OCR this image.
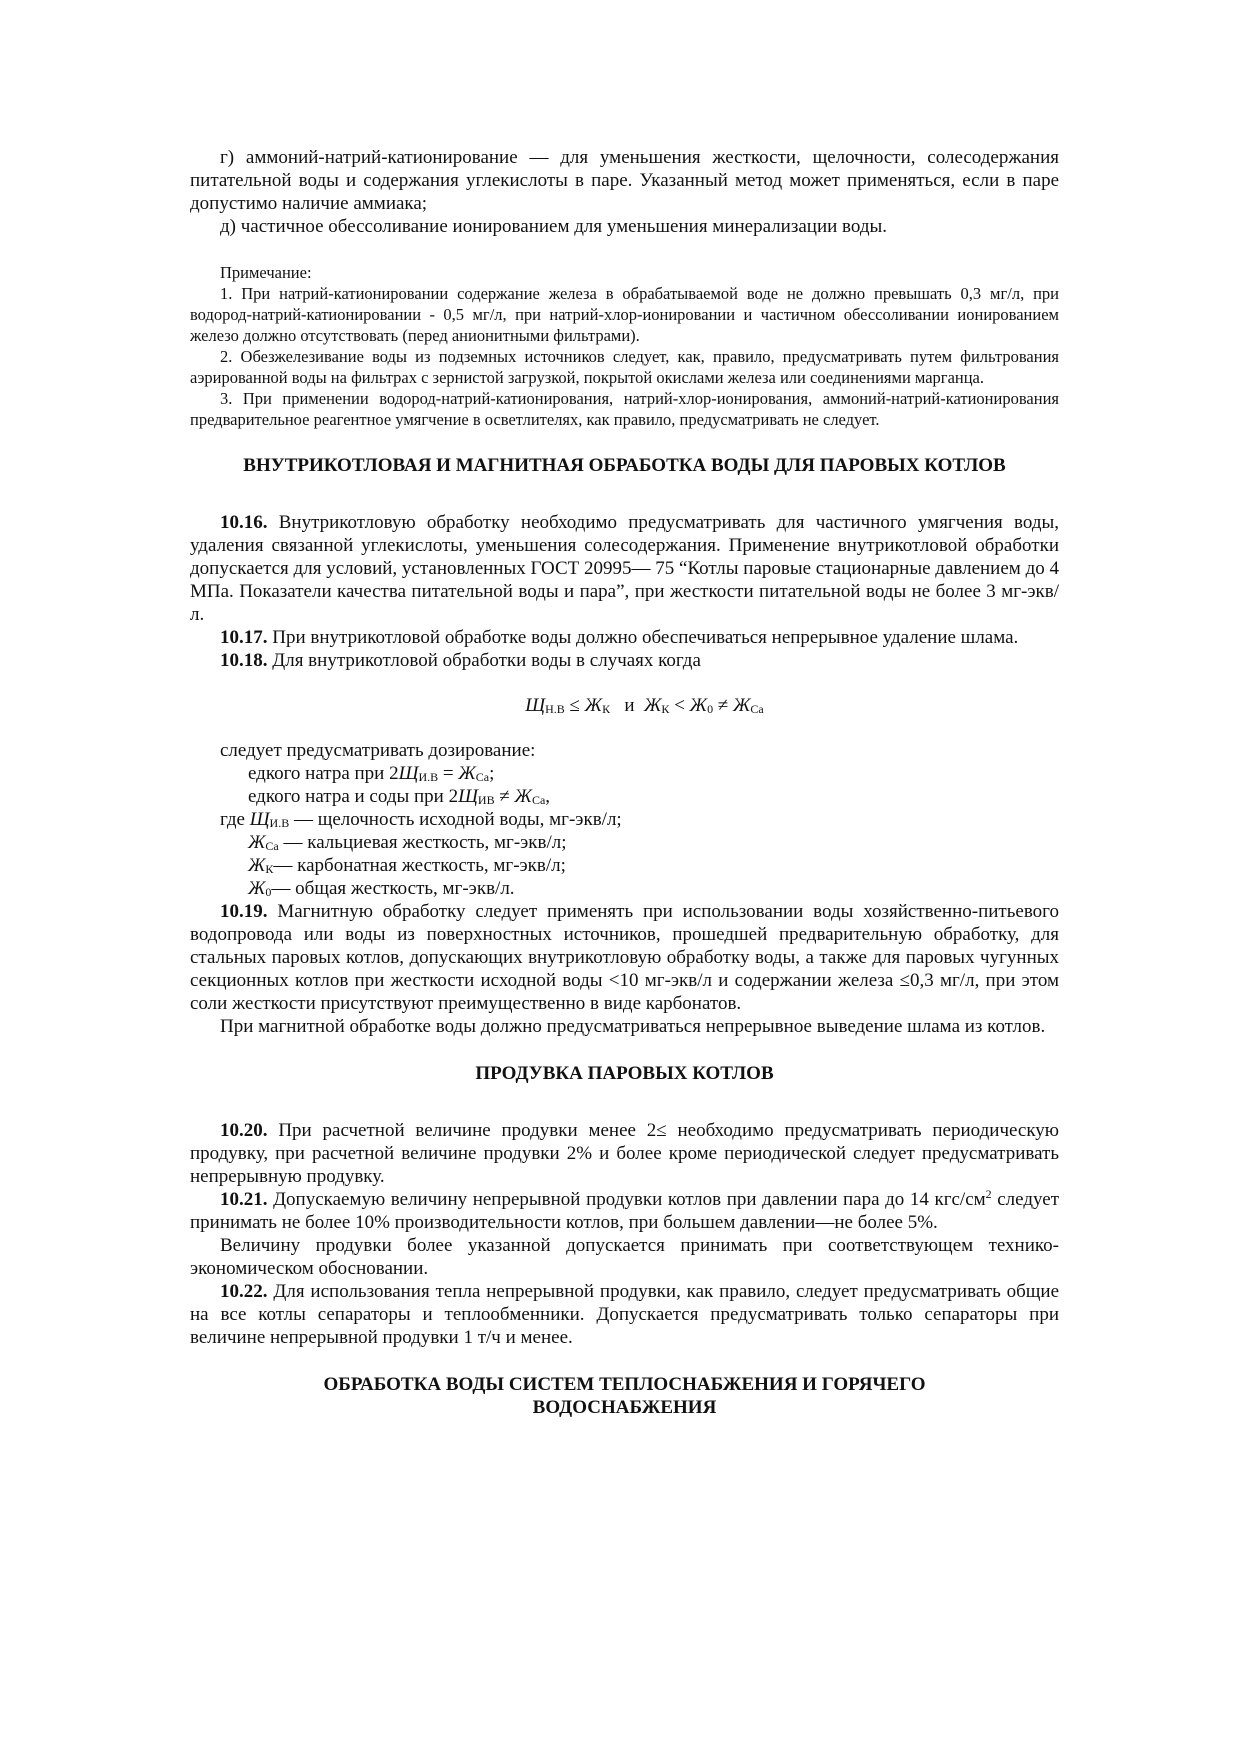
г) аммоний-натрий-катионирование — для уменьшения жесткости, щелочности, солесодержания питательной воды и содержания углекислоты в паре. Указанный метод может применяться, если в паре допустимо наличие аммиака;

д) частичное обессоливание ионированием для уменьшения минерализации воды.

Примечание:

1. При натрий-катионировании содержание железа в обрабатываемой воде не должно превышать 0,3 мг/л, при водород-натрий-катионировании - 0,5 мг/л, при натрий-хлор-ионировании и частичном обессоливании ионированием железо должно отсутствовать (перед анионитными фильтрами).

2. Обезжелезивание воды из подземных источников следует, как, правило, предусматривать путем фильтрования аэрированной воды на фильтрах с зернистой загрузкой, покрытой окислами железа или соединениями марганца.

3. При применении водород-натрий-катионирования, натрий-хлор-ионирования, аммоний-натрий-катионирования предварительное реагентное умягчение в осветлителях, как правило, предусматривать не следует.

ВНУТРИКОТЛОВАЯ И МАГНИТНАЯ ОБРАБОТКА ВОДЫ ДЛЯ ПАРОВЫХ КОТЛОВ

10.16. Внутрикотловую обработку необходимо предусматривать для частичного умягчения воды, удаления связанной углекислоты, уменьшения солесодержания. Применение внутрикотловой обработки допускается для условий, установленных ГОСТ 20995— 75 “Котлы паровые стационарные давлением до 4 МПа. Показатели качества питательной воды и пара”, при жесткости питательной воды не более 3 мг-экв/л.

10.17. При внутрикотловой обработке воды должно обеспечиваться непрерывное удаление шлама.

10.18. Для внутрикотловой обработки воды в случаях когда

$Щ_{Н.В} \le Ж_К$   и  $Ж_К < Ж_0 \ne Ж_{Ca}$

следует предусматривать дозирование:

едкого натра при $2Щ_{И.В} = Ж_{Ca}$;

едкого натра и соды при $2Щ_{ИВ} \ne Ж_{Ca}$,

где $Щ_{И.В}$ — щелочность исходной воды, мг-экв/л;

$Ж_{Ca}$ — кальциевая жесткость, мг-экв/л;

$Ж_К—$ карбонатная жесткость, мг-экв/л;

$Ж_0—$ общая жесткость, мг-экв/л.

10.19. Магнитную обработку следует применять при использовании воды хозяйственно-питьевого водопровода или воды из поверхностных источников, прошедшей предварительную обработку, для стальных паровых котлов, допускающих внутрикотловую обработку воды, а также для паровых чугунных секционных котлов при жесткости исходной воды <10 мг-экв/л и содержании железа ≤0,3 мг/л, при этом соли жесткости присутствуют преимущественно в виде карбонатов.

При магнитной обработке воды должно предусматриваться непрерывное выведение шлама из котлов.

ПРОДУВКА ПАРОВЫХ КОТЛОВ

10.20. При расчетной величине продувки менее 2≤ необходимо предусматривать периодическую продувку, при расчетной величине продувки 2% и более кроме периодической следует предусматривать непрерывную продувку.

10.21. Допускаемую величину непрерывной продувки котлов при давлении пара до 14 кгс/$см^2$ следует принимать не более 10% производительности котлов, при большем давлении—не более 5%.

Величину продувки более указанной допускается принимать при соответствующем технико-экономическом обосновании.

10.22. Для использования тепла непрерывной продувки, как правило, следует предусматривать общие на все котлы сепараторы и теплообменники. Допускается предусматривать только сепараторы при величине непрерывной продувки 1 т/ч и менее.

ОБРАБОТКА ВОДЫ СИСТЕМ ТЕПЛОСНАБЖЕНИЯ И ГОРЯЧЕГО ВОДОСНАБЖЕНИЯ
